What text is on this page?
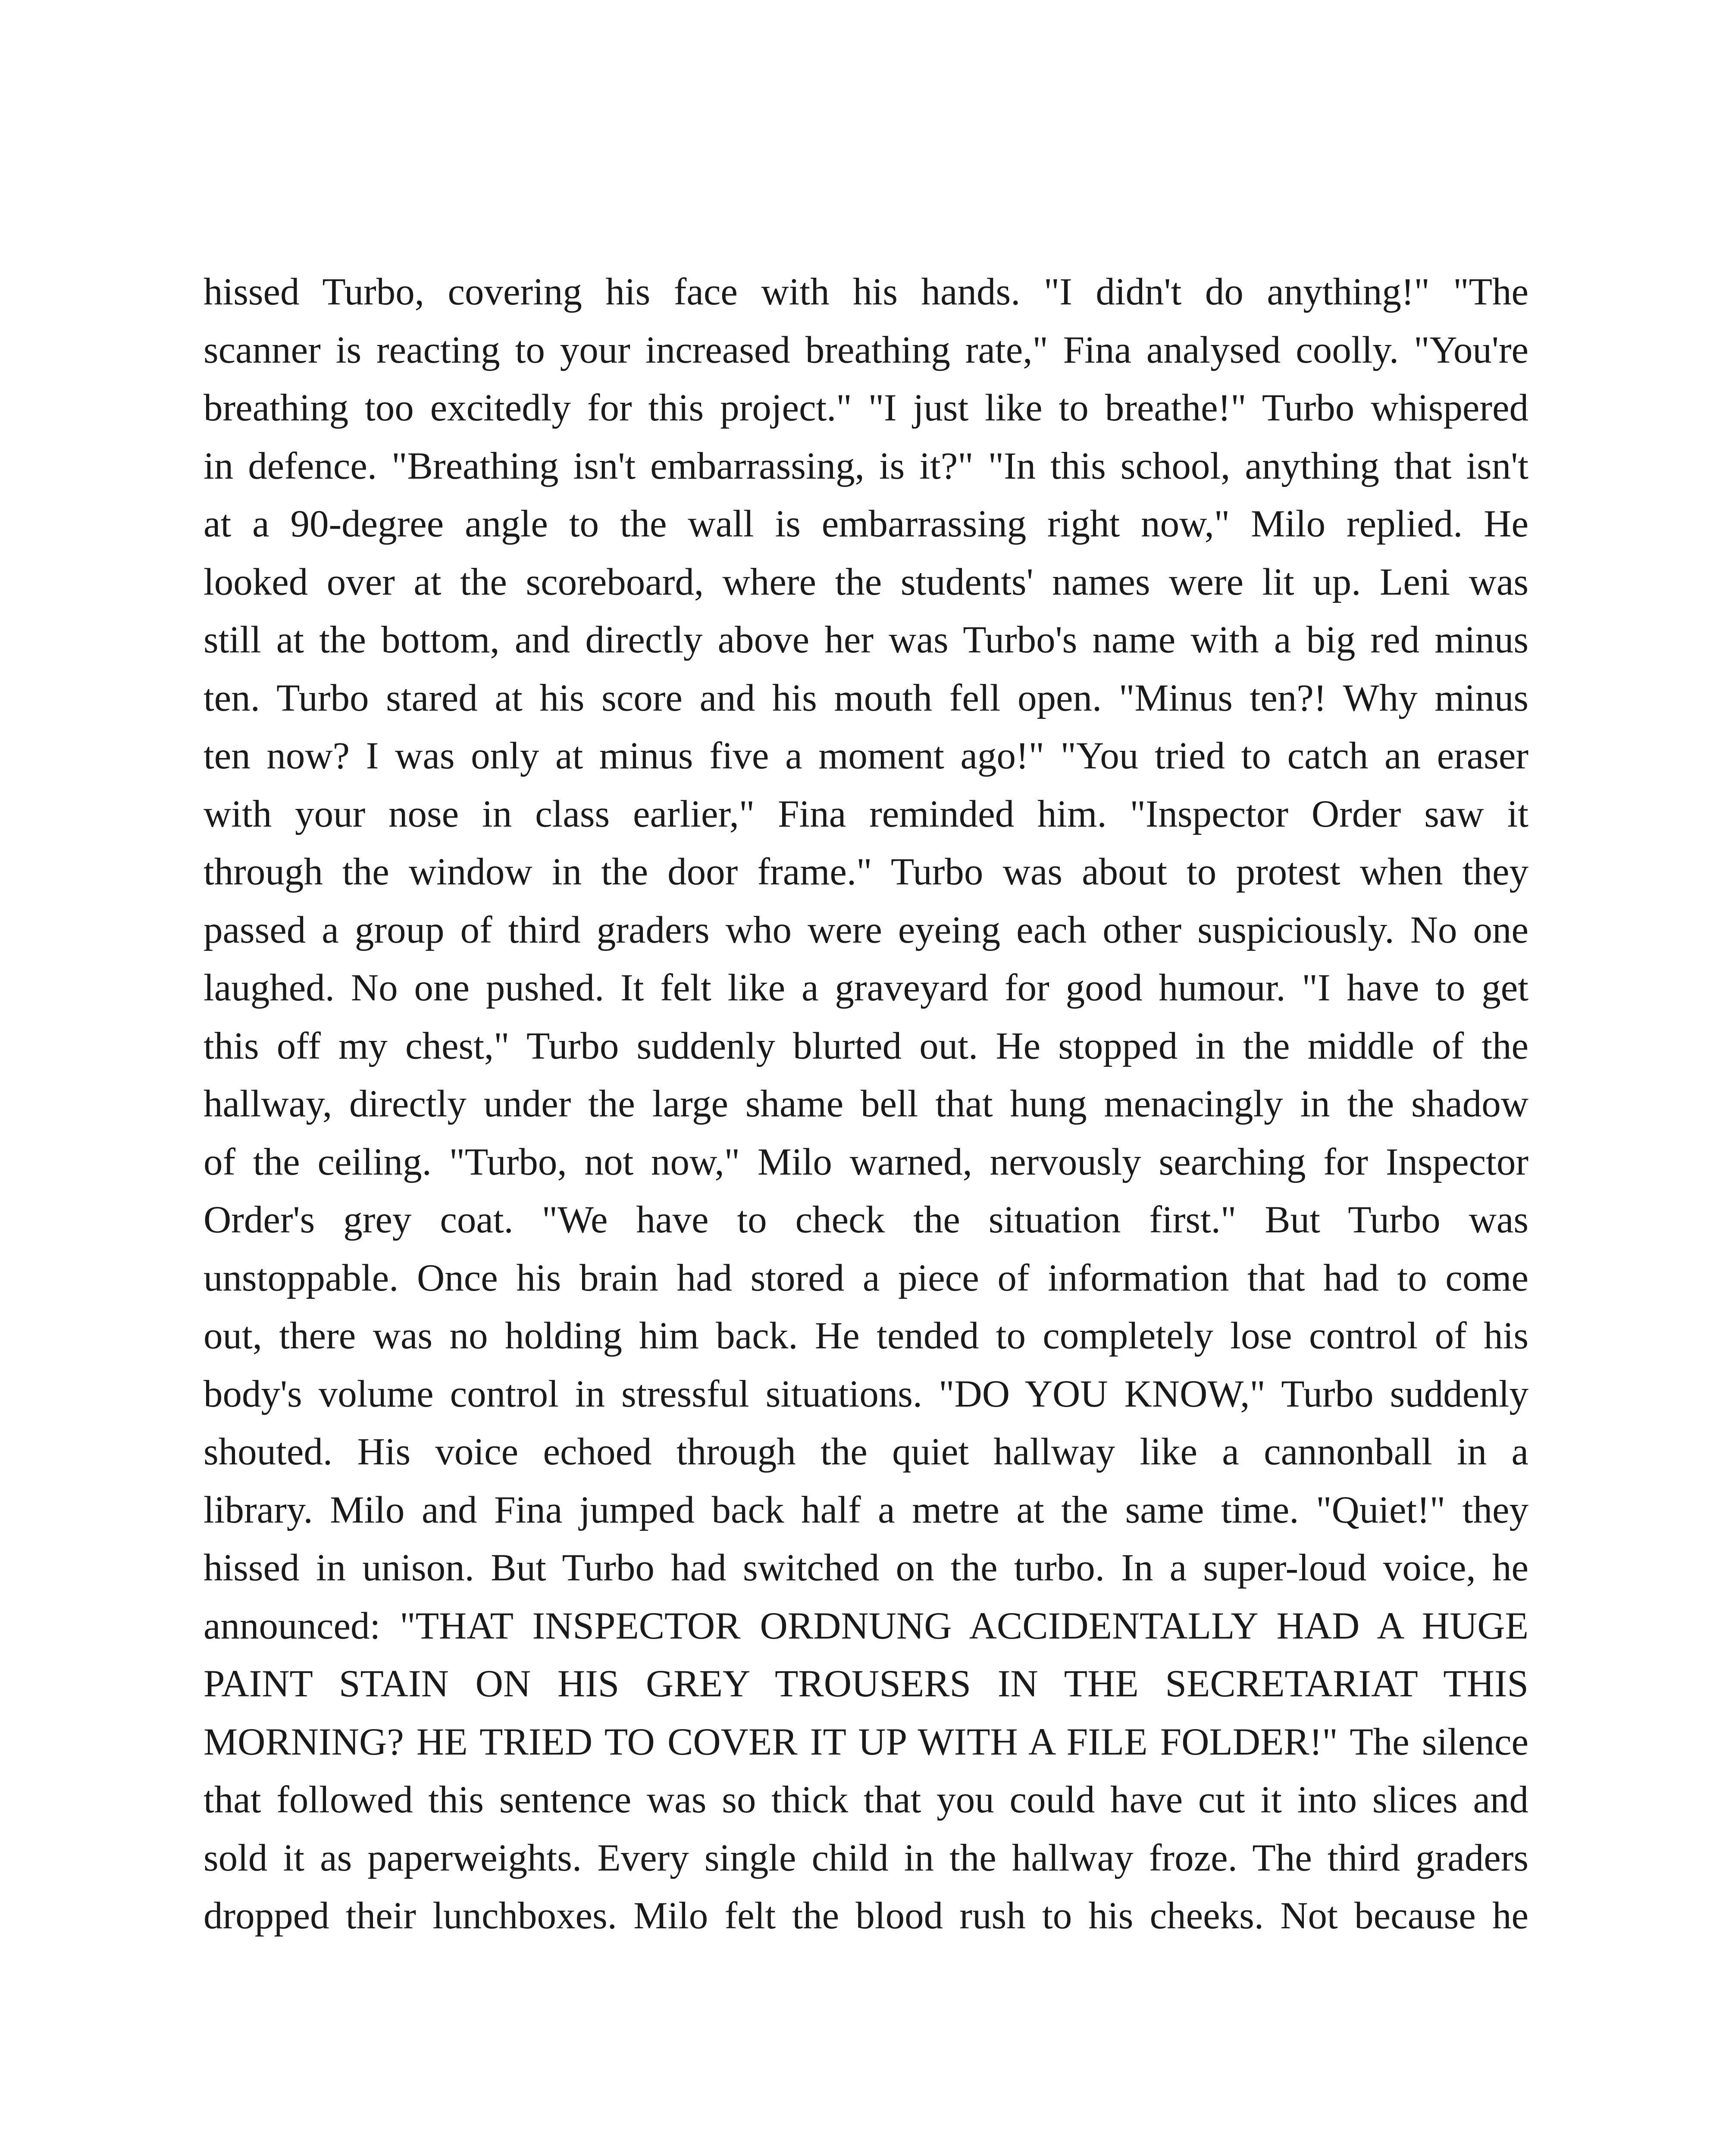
hissed Turbo, covering his face with his hands. "I didn't do anything!" "The
scanner is reacting to your increased breathing rate," Fina analysed coolly. "You're
breathing too excitedly for this project." "I just like to breathe!" Turbo whispered
in defence. "Breathing isn't embarrassing, is it?" "In this school, anything that isn't
at a 90-degree angle to the wall is embarrassing right now," Milo replied. He
looked over at the scoreboard, where the students' names were lit up. Leni was
still at the bottom, and directly above her was Turbo's name with a big red minus
ten. Turbo stared at his score and his mouth fell open. "Minus ten?! Why minus
ten now? I was only at minus five a moment ago!" "You tried to catch an eraser
with your nose in class earlier," Fina reminded him. "Inspector Order saw it
through the window in the door frame." Turbo was about to protest when they
passed a group of third graders who were eyeing each other suspiciously. No one
laughed. No one pushed. It felt like a graveyard for good humour. "I have to get
this off my chest," Turbo suddenly blurted out. He stopped in the middle of the
hallway, directly under the large shame bell that hung menacingly in the shadow
of the ceiling. "Turbo, not now," Milo warned, nervously searching for Inspector
Order's grey coat. "We have to check the situation first." But Turbo was
unstoppable. Once his brain had stored a piece of information that had to come
out, there was no holding him back. He tended to completely lose control of his
body's volume control in stressful situations. "DO YOU KNOW," Turbo suddenly
shouted. His voice echoed through the quiet hallway like a cannonball in a
library. Milo and Fina jumped back half a metre at the same time. "Quiet!" they
hissed in unison. But Turbo had switched on the turbo. In a super-loud voice, he
announced: "THAT INSPECTOR ORDNUNG ACCIDENTALLY HAD A HUGE
PAINT STAIN ON HIS GREY TROUSERS IN THE SECRETARIAT THIS
MORNING? HE TRIED TO COVER IT UP WITH A FILE FOLDER!" The silence
that followed this sentence was so thick that you could have cut it into slices and
sold it as paperweights. Every single child in the hallway froze. The third graders
dropped their lunchboxes. Milo felt the blood rush to his cheeks. Not because he
